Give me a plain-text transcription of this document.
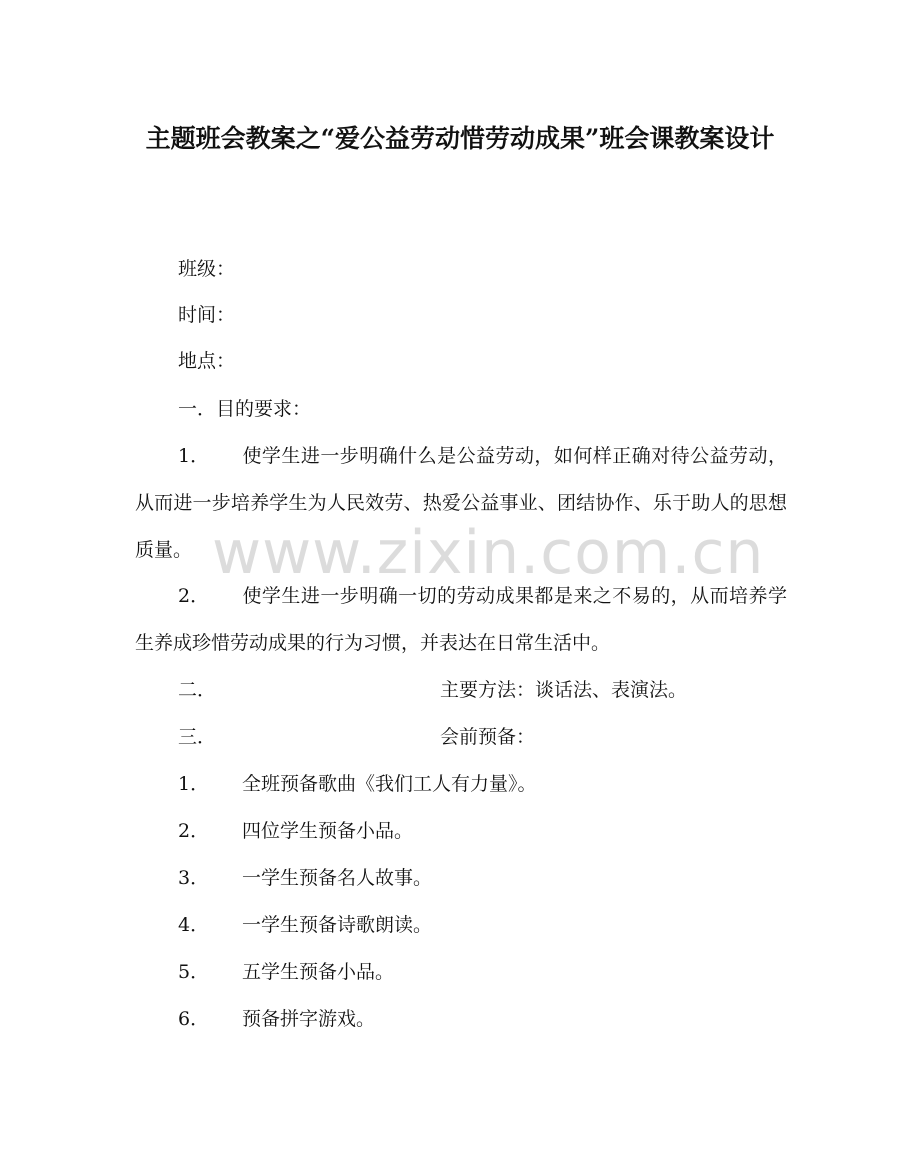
主题班会教案之“爱公益劳动惜劳动成果”班会课教案设计
班级：
时间：
地点：
一．目的要求：
1． 使学生进一步明确什么是公益劳动，如何样正确对待公益劳动，从而进一步培养学生为人民效劳、热爱公益事业、团结协作、乐于助人的思想质量。
2． 使学生进一步明确一切的劳动成果都是来之不易的，从而培养学生养成珍惜劳动成果的行为习惯，并表达在日常生活中。
二．	主要方法：谈话法、表演法。
三．	会前预备：
1． 全班预备歌曲《我们工人有力量》。
2． 四位学生预备小品。
3． 一学生预备名人故事。
4． 一学生预备诗歌朗读。
5． 五学生预备小品。
6． 预备拼字游戏。
www.zixin.com.cn
